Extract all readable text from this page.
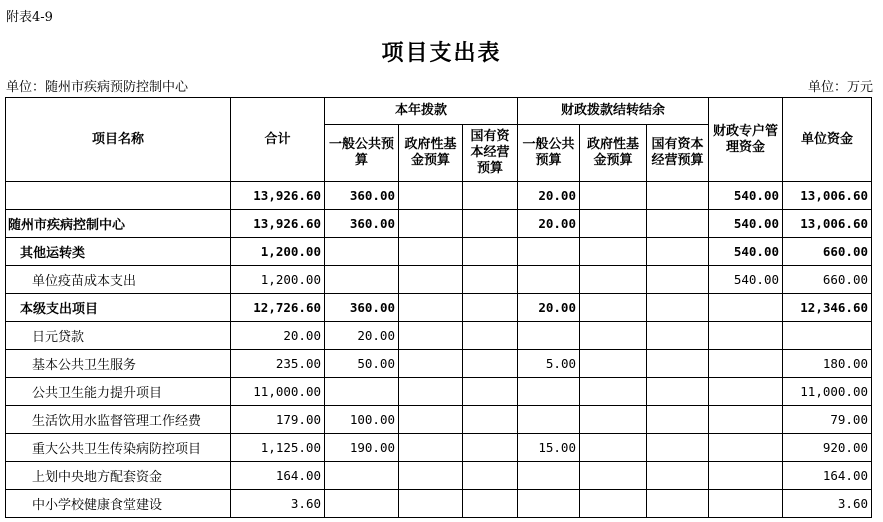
附表4-9
项目支出表
单位：随州市疾病预防控制中心	单位：万元
项目名称	合计	本年拨款			财政拨款结转结余			财政专户管理资金	单位资金
		一般公共预算	政府性基金预算	国有资本经营预算	一般公共预算	政府性基金预算	国有资本经营预算		
	13,926.60	360.00			20.00			540.00	13,006.60
随州市疾病控制中心	13,926.60	360.00			20.00			540.00	13,006.60
其他运转类	1,200.00							540.00	660.00
单位疫苗成本支出	1,200.00							540.00	660.00
本级支出项目	12,726.60	360.00			20.00				12,346.60
日元贷款	20.00	20.00							
基本公共卫生服务	235.00	50.00			5.00				180.00
公共卫生能力提升项目	11,000.00								11,000.00
生活饮用水监督管理工作经费	179.00	100.00							79.00
重大公共卫生传染病防控项目	1,125.00	190.00			15.00				920.00
上划中央地方配套资金	164.00								164.00
中小学校健康食堂建设	3.60								3.60
